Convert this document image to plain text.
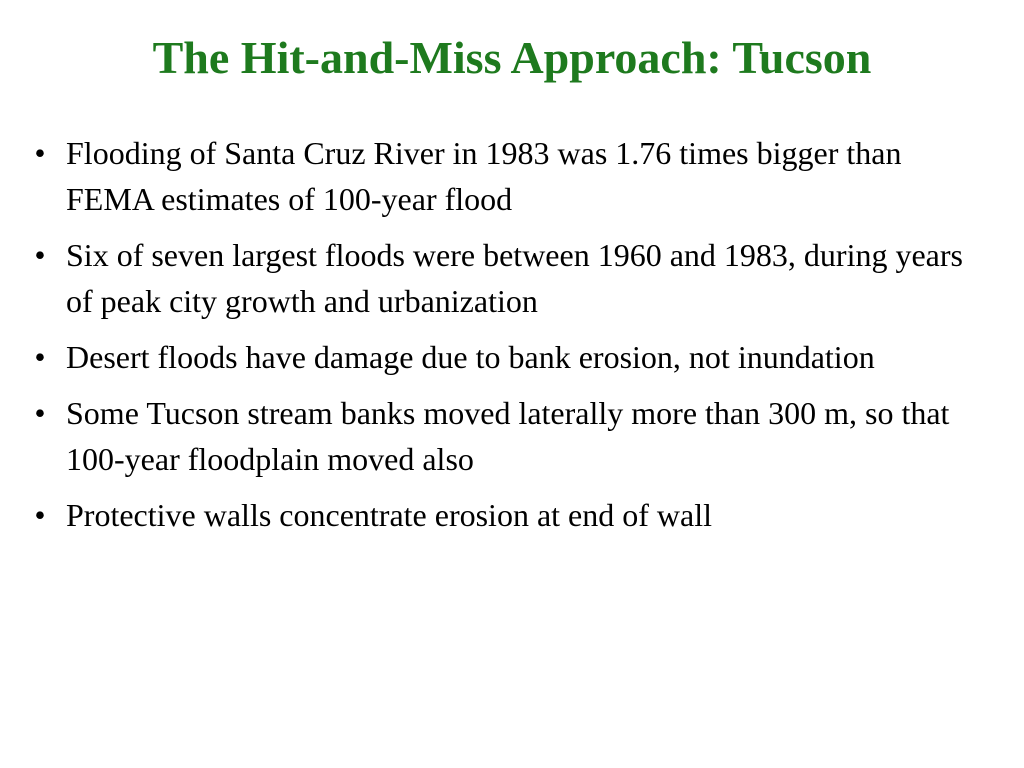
The Hit-and-Miss Approach: Tucson
• Flooding of Santa Cruz River in 1983 was 1.76 times bigger than FEMA estimates of 100-year flood
• Six of seven largest floods were between 1960 and 1983, during years of peak city growth and urbanization
• Desert floods have damage due to bank erosion, not inundation
• Some Tucson stream banks moved laterally more than 300 m, so that 100-year floodplain moved also
• Protective walls concentrate erosion at end of wall
